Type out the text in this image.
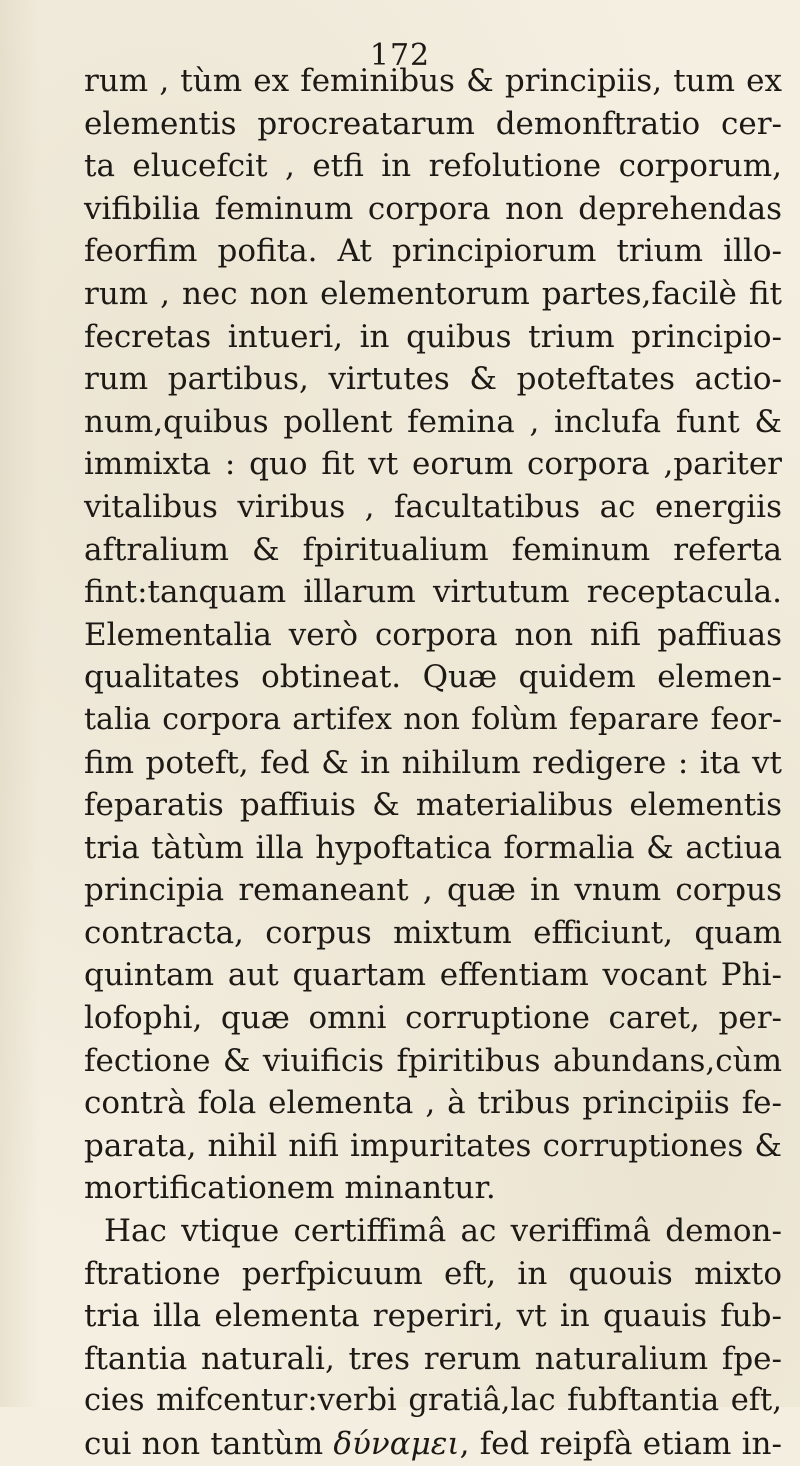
172
rum , tùm ex feminibus & principiis, tum ex
elementis procreatarum demonftratio cer-
ta elucefcit , etfi in refolutione corporum,
vifibilia feminum corpora non deprehendas
feorfim pofita. At principiorum trium illo-
rum , nec non elementorum partes,facilè fit
fecretas intueri, in quibus trium principio-
rum partibus, virtutes & poteftates actio-
num,quibus pollent femina , inclufa funt &
immixta : quo fit vt eorum corpora ,pariter
vitalibus viribus , facultatibus ac energiis
aftralium & fpiritualium feminum referta
fint:tanquam illarum virtutum receptacula.
Elementalia verò corpora non nifi paffiuas
qualitates obtineat. Quæ quidem elemen-
talia corpora artifex non folùm feparare feor-
fim poteft, fed & in nihilum redigere : ita vt
feparatis paffiuis & materialibus elementis
tria tàtùm illa hypoftatica formalia & actiua
principia remaneant , quæ in vnum corpus
contracta, corpus mixtum efficiunt, quam
quintam aut quartam effentiam vocant Phi-
lofophi, quæ omni corruptione caret, per-
fectione & viuificis fpiritibus abundans,cùm
contrà fola elementa , à tribus principiis fe-
parata, nihil nifi impuritates corruptiones &
mortificationem minantur.
Hac vtique certiffimâ ac veriffimâ demon-
ftratione perfpicuum eft, in quouis mixto
tria illa elementa reperiri, vt in quauis fub-
ftantia naturali, tres rerum naturalium fpe-
cies mifcentur:verbi gratiâ,lac fubftantia eft,
cui non tantùm δύναμει, fed reipfà etiam in-
